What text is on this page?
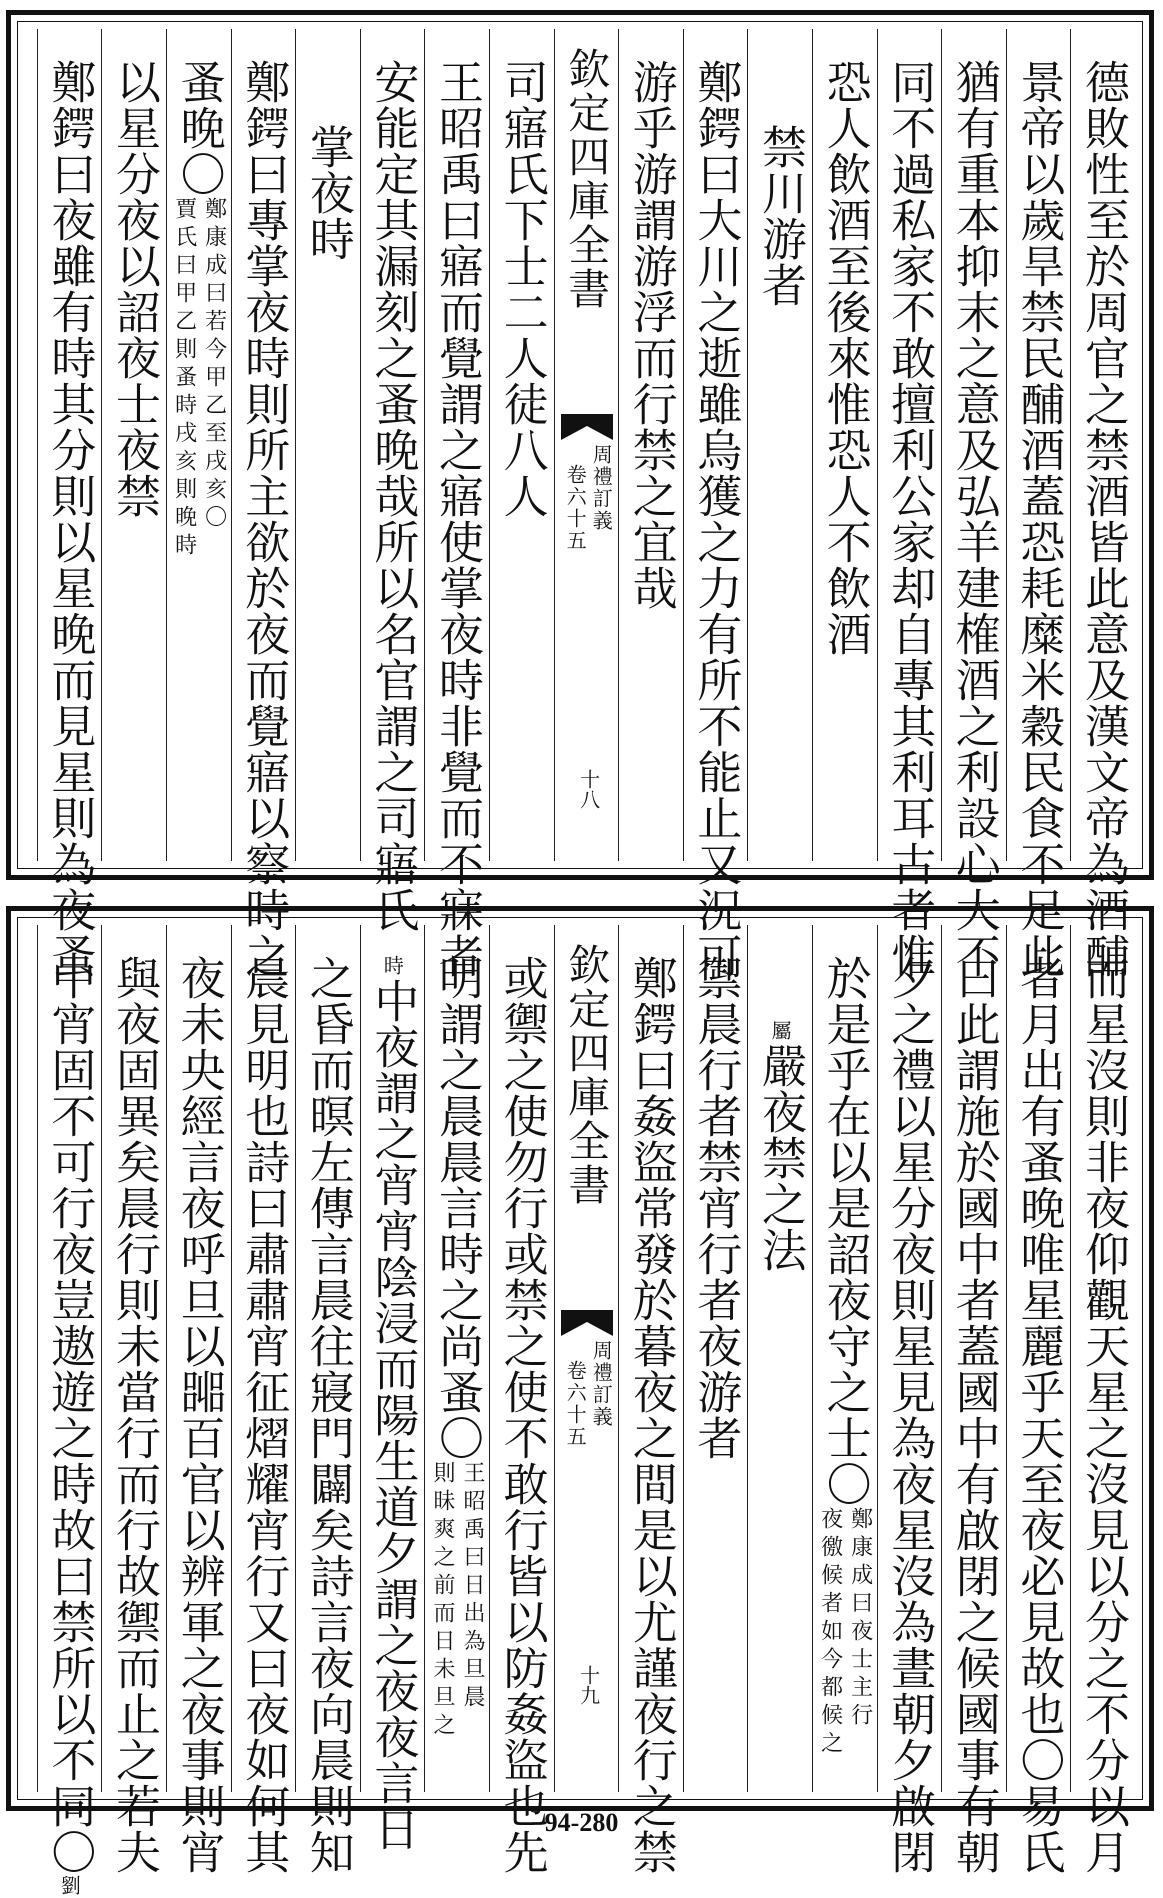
德敗性至於周官之禁酒皆此意及漢文帝為酒酺
景帝以歲旱禁民酺酒蓋恐耗糜米穀民食不足此
猶有重本抑末之意及弘羊建榷酒之利設心大不
同不過私家不敢擅利公家却自專其利耳古者惟
恐人飲酒至後來惟恐人不飲酒
禁川游者
鄭鍔曰大川之逝雖烏獲之力有所不能止又況可
游乎游謂游浮而行禁之宜哉
欽定四庫全書
周禮訂義
卷六十五
十八
司寤氏下士二人徒八人
王昭禹曰寤而覺謂之寤使掌夜時非覺而不寐者
安能定其漏刻之蚤晚哉所以名官謂之司寤氏
掌夜時
鄭鍔曰專掌夜時則所主欲於夜而覺寤以察時之
蚤晚〇
鄭康成曰若今甲乙至戌亥〇
賈氏曰甲乙則蚤時戌亥則晚時
以星分夜以詔夜士夜禁
鄭鍔曰夜雖有時其分則以星晚而見星則為夜蚤
而星沒則非夜仰觀天星之沒見以分之不分以月
者月出有蚤晚唯星麗乎天至夜必見故也〇易氏
曰此謂施於國中者蓋國中有啟閉之候國事有朝
夕之禮以星分夜則星見為夜星沒為晝朝夕啟閉
於是乎在以是詔夜守之士〇
鄭康成曰夜士主行
夜徼候者如今都候之
屬嚴夜禁之法
禦晨行者禁宵行者夜游者
鄭鍔曰姦盜常發於暮夜之間是以尤謹夜行之禁
欽定四庫全書
周禮訂義
卷六十五
十九
或禦之使勿行或禁之使不敢行皆以防姦盜也先
明謂之晨晨言時之尚蚤〇
王昭禹曰日出為旦晨
則昧爽之前而日未旦之
時中夜謂之宵宵陰浸而陽生道夕謂之夜夜言日
之昏而暝左傳言晨往寢門闢矣詩言夜向晨則知
晨見明也詩曰肅肅宵征熠耀宵行又曰夜如何其
夜未央經言夜呼旦以嘂百官以辨軍之夜事則宵
與夜固異矣晨行則未當行而行故禦而止之若夫
中宵固不可行夜豈遨遊之時故曰禁所以不同〇劉
94-280
